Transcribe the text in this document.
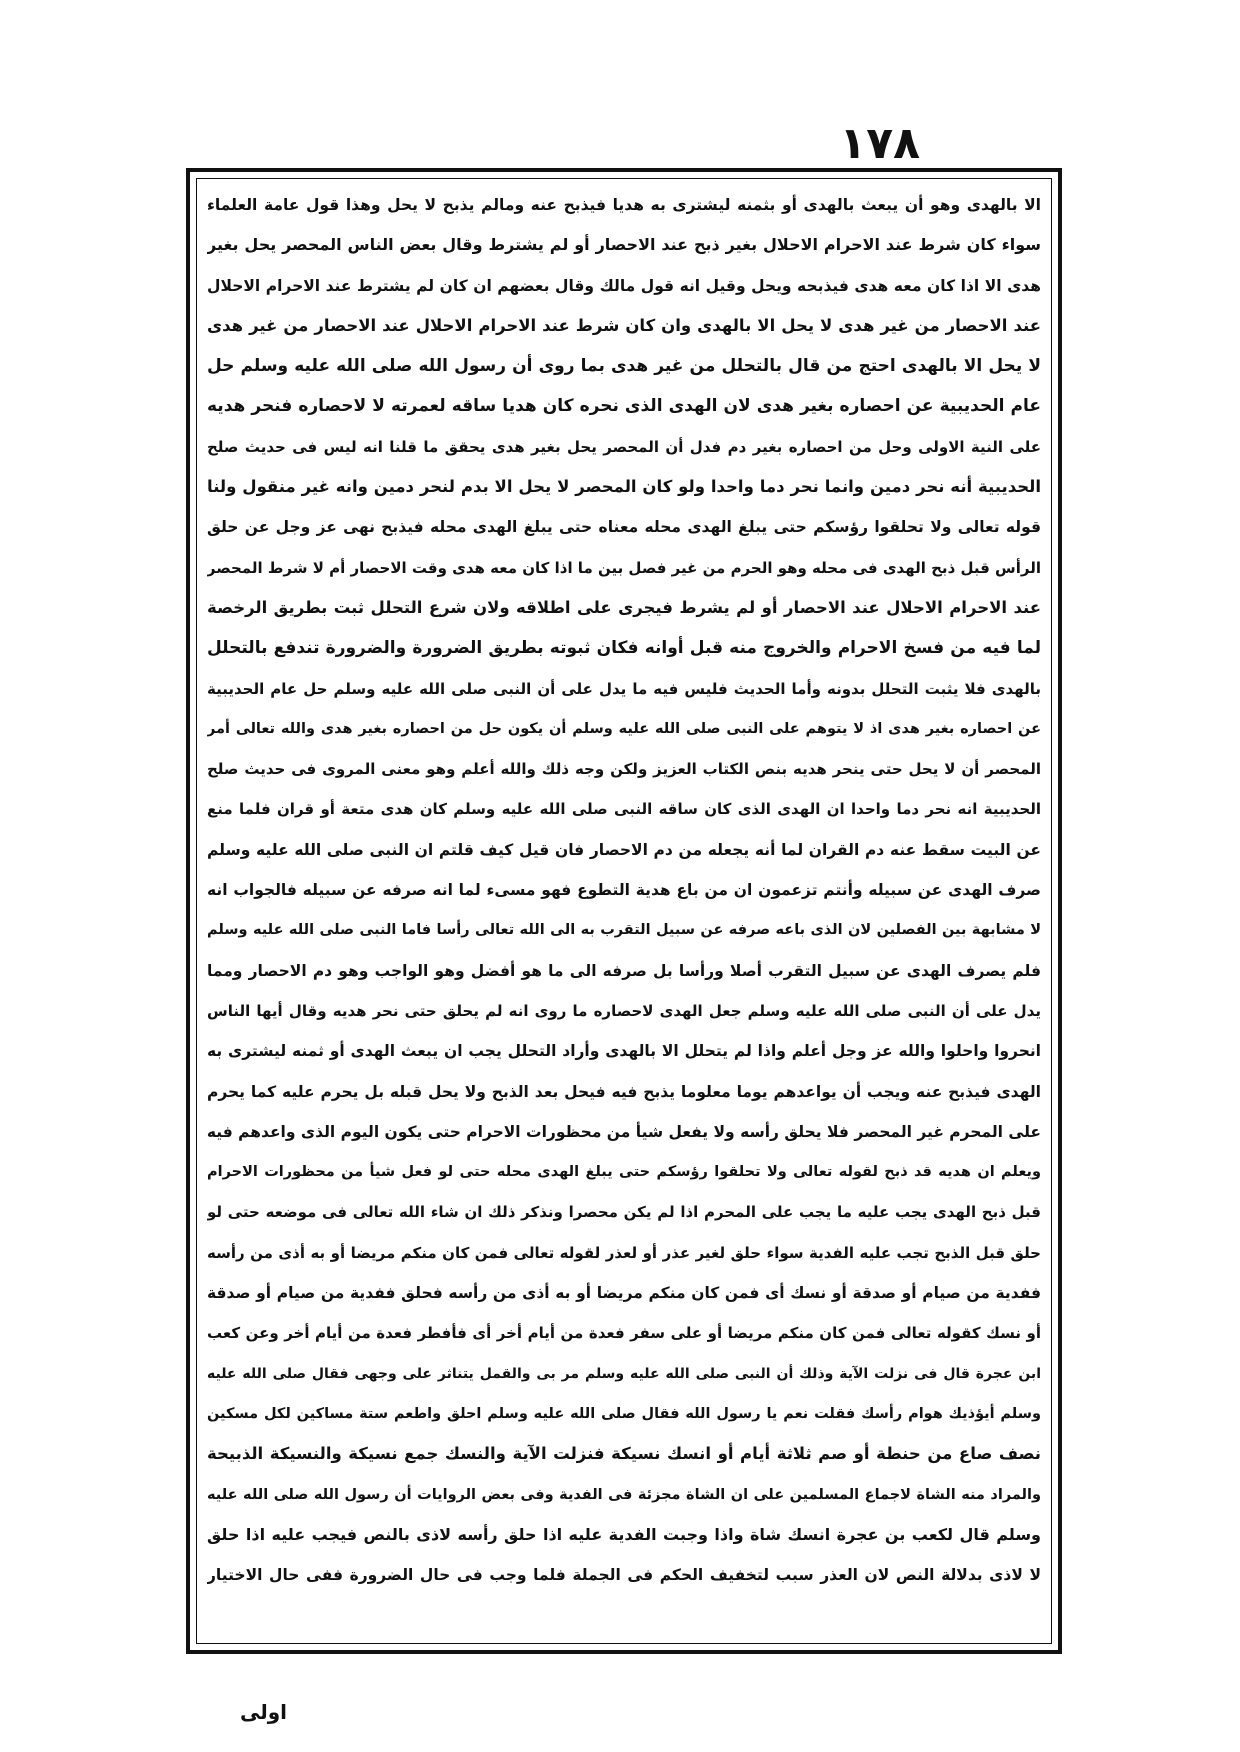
١٧٨
الا بالهدى وهو أن يبعث بالهدى أو بثمنه ليشترى به هديا فيذبح عنه ومالم يذبح لا يحل وهذا قول عامة العلماء
سواء كان شرط عند الاحرام الاحلال بغير ذبح عند الاحصار أو لم يشترط وقال بعض الناس المحصر يحل بغير
هدى الا اذا كان معه هدى فيذبحه ويحل وقيل انه قول مالك وقال بعضهم ان كان لم يشترط عند الاحرام الاحلال
عند الاحصار من غير هدى لا يحل الا بالهدى وان كان شرط عند الاحرام الاحلال عند الاحصار من غير هدى
لا يحل الا بالهدى احتج من قال بالتحلل من غير هدى بما روى أن رسول الله صلى الله عليه وسلم حل
عام الحديبية عن احصاره بغير هدى لان الهدى الذى نحره كان هديا ساقه لعمرته لا لاحصاره فنحر هديه
على النية الاولى وحل من احصاره بغير دم فدل أن المحصر يحل بغير هدى يحقق ما قلنا انه ليس فى حديث صلح
الحديبية أنه نحر دمين وانما نحر دما واحدا ولو كان المحصر لا يحل الا بدم لنحر دمين وانه غير منقول ولنا
قوله تعالى ولا تحلقوا رؤسكم حتى يبلغ الهدى محله معناه حتى يبلغ الهدى محله فيذبح نهى عز وجل عن حلق
الرأس قبل ذبح الهدى فى محله وهو الحرم من غير فصل بين ما اذا كان معه هدى وقت الاحصار أم لا شرط المحصر
عند الاحرام الاحلال عند الاحصار أو لم يشرط فيجرى على اطلاقه ولان شرع التحلل ثبت بطريق الرخصة
لما فيه من فسخ الاحرام والخروج منه قبل أوانه فكان ثبوته بطريق الضرورة والضرورة تندفع بالتحلل
بالهدى فلا يثبت التحلل بدونه وأما الحديث فليس فيه ما يدل على أن النبى صلى الله عليه وسلم حل عام الحديبية
عن احصاره بغير هدى اذ لا يتوهم على النبى صلى الله عليه وسلم أن يكون حل من احصاره بغير هدى والله تعالى أمر
المحصر أن لا يحل حتى ينحر هديه بنص الكتاب العزيز ولكن وجه ذلك والله أعلم وهو معنى المروى فى حديث صلح
الحديبية انه نحر دما واحدا ان الهدى الذى كان ساقه النبى صلى الله عليه وسلم كان هدى متعة أو قران فلما منع
عن البيت سقط عنه دم القران لما أنه يجعله من دم الاحصار فان قيل كيف قلتم ان النبى صلى الله عليه وسلم
صرف الهدى عن سبيله وأنتم تزعمون ان من باع هدية التطوع فهو مسىء لما انه صرفه عن سبيله فالجواب انه
لا مشابهة بين الفصلين لان الذى باعه صرفه عن سبيل التقرب به الى الله تعالى رأسا فاما النبى صلى الله عليه وسلم
فلم يصرف الهدى عن سبيل التقرب أصلا ورأسا بل صرفه الى ما هو أفضل وهو الواجب وهو دم الاحصار ومما
يدل على أن النبى صلى الله عليه وسلم جعل الهدى لاحصاره ما روى انه لم يحلق حتى نحر هديه وقال أيها الناس
انحروا واحلوا والله عز وجل أعلم واذا لم يتحلل الا بالهدى وأراد التحلل يجب ان يبعث الهدى أو ثمنه ليشترى به
الهدى فيذبح عنه ويجب أن يواعدهم يوما معلوما يذبح فيه فيحل بعد الذبح ولا يحل قبله بل يحرم عليه كما يحرم
على المحرم غير المحصر فلا يحلق رأسه ولا يفعل شيأ من محظورات الاحرام حتى يكون اليوم الذى واعدهم فيه
ويعلم ان هديه قد ذبح لقوله تعالى ولا تحلقوا رؤسكم حتى يبلغ الهدى محله حتى لو فعل شيأ من محظورات الاحرام
قبل ذبح الهدى يجب عليه ما يجب على المحرم اذا لم يكن محصرا ونذكر ذلك ان شاء الله تعالى فى موضعه حتى لو
حلق قبل الذبح تجب عليه الفدية سواء حلق لغير عذر أو لعذر لقوله تعالى فمن كان منكم مريضا أو به أذى من رأسه
ففدية من صيام أو صدقة أو نسك أى فمن كان منكم مريضا أو به أذى من رأسه فحلق ففدية من صيام أو صدقة
أو نسك كقوله تعالى فمن كان منكم مريضا أو على سفر فعدة من أيام أخر أى فأفطر فعدة من أيام أخر وعن كعب
ابن عجرة قال فى نزلت الآية وذلك أن النبى صلى الله عليه وسلم مر بى والقمل يتناثر على وجهى فقال صلى الله عليه
وسلم أيؤذيك هوام رأسك فقلت نعم يا رسول الله فقال صلى الله عليه وسلم احلق واطعم ستة مساكين لكل مسكين
نصف صاع من حنطة أو صم ثلاثة أيام أو انسك نسيكة فنزلت الآية والنسك جمع نسيكة والنسيكة الذبيحة
والمراد منه الشاة لاجماع المسلمين على ان الشاة مجزئة فى الفدية وفى بعض الروايات أن رسول الله صلى الله عليه
وسلم قال لكعب بن عجرة انسك شاة واذا وجبت الفدية عليه اذا حلق رأسه لاذى بالنص فيجب عليه اذا حلق
لا لاذى بدلالة النص لان العذر سبب لتخفيف الحكم فى الجملة فلما وجب فى حال الضرورة ففى حال الاختيار
اولى
